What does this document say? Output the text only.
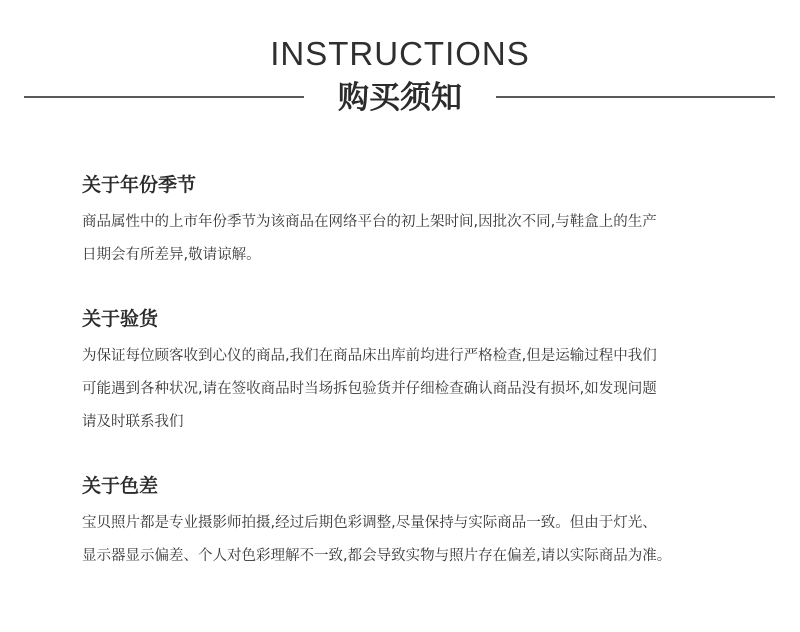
INSTRUCTIONS
购买须知
关于年份季节
商品属性中的上市年份季节为该商品在网络平台的初上架时间,因批次不同,与鞋盒上的生产
日期会有所差异,敬请谅解。
关于验货
为保证每位顾客收到心仪的商品,我们在商品床出库前均进行严格检查,但是运输过程中我们
可能遇到各种状况,请在签收商品时当场拆包验货并仔细检查确认商品没有损坏,如发现问题
请及时联系我们
关于色差
宝贝照片都是专业摄影师拍摄,经过后期色彩调整,尽量保持与实际商品一致。但由于灯光、
显示器显示偏差、个人对色彩理解不一致,都会导致实物与照片存在偏差,请以实际商品为准。
